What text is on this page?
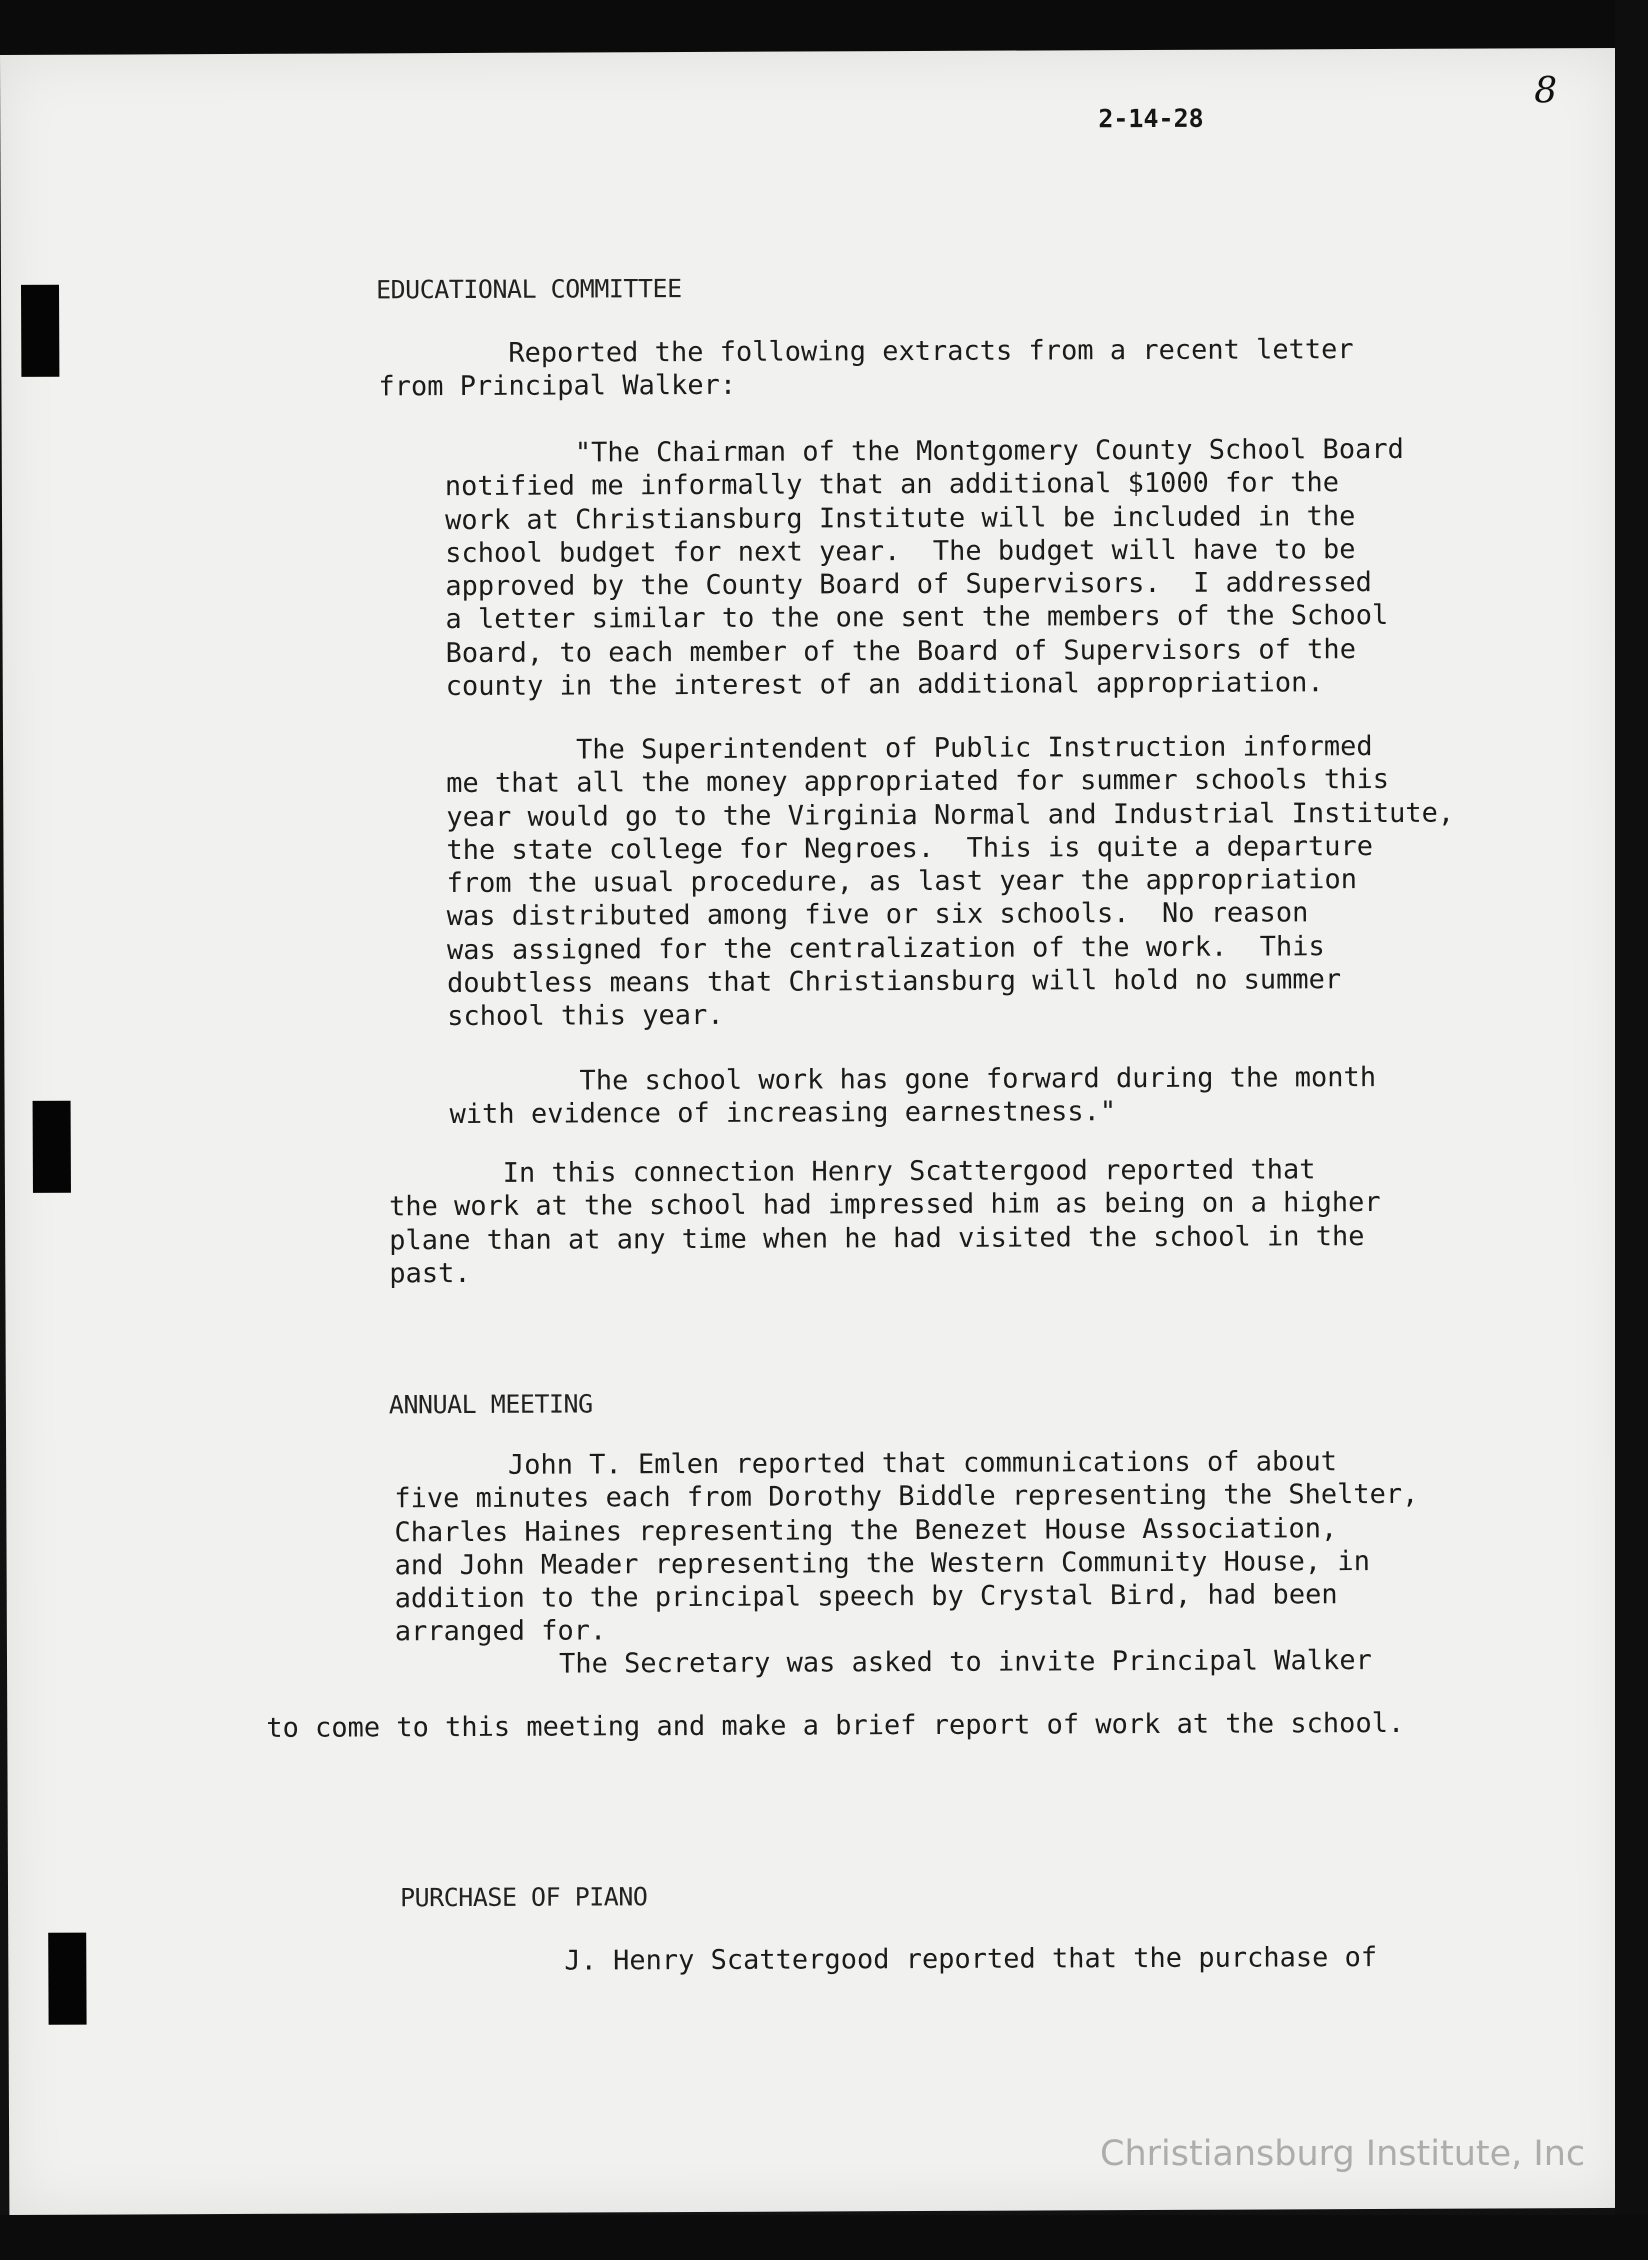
2-14-28
8
EDUCATIONAL COMMITTEE
Reported the following extracts from a recent letter
from Principal Walker:
"The Chairman of the Montgomery County School Board
notified me informally that an additional $1000 for the
work at Christiansburg Institute will be included in the
school budget for next year.  The budget will have to be
approved by the County Board of Supervisors.  I addressed
a letter similar to the one sent the members of the School
Board, to each member of the Board of Supervisors of the
county in the interest of an additional appropriation.
The Superintendent of Public Instruction informed
me that all the money appropriated for summer schools this
year would go to the Virginia Normal and Industrial Institute,
the state college for Negroes.  This is quite a departure
from the usual procedure, as last year the appropriation
was distributed among five or six schools.  No reason
was assigned for the centralization of the work.  This
doubtless means that Christiansburg will hold no summer
school this year.
The school work has gone forward during the month
with evidence of increasing earnestness."
In this connection Henry Scattergood reported that
the work at the school had impressed him as being on a higher
plane than at any time when he had visited the school in the
past.
ANNUAL MEETING
John T. Emlen reported that communications of about
five minutes each from Dorothy Biddle representing the Shelter,
Charles Haines representing the Benezet House Association,
and John Meader representing the Western Community House, in
addition to the principal speech by Crystal Bird, had been
arranged for.
The Secretary was asked to invite Principal Walker
to come to this meeting and make a brief report of work at the school.
PURCHASE OF PIANO
J. Henry Scattergood reported that the purchase of
Christiansburg Institute, Inc
